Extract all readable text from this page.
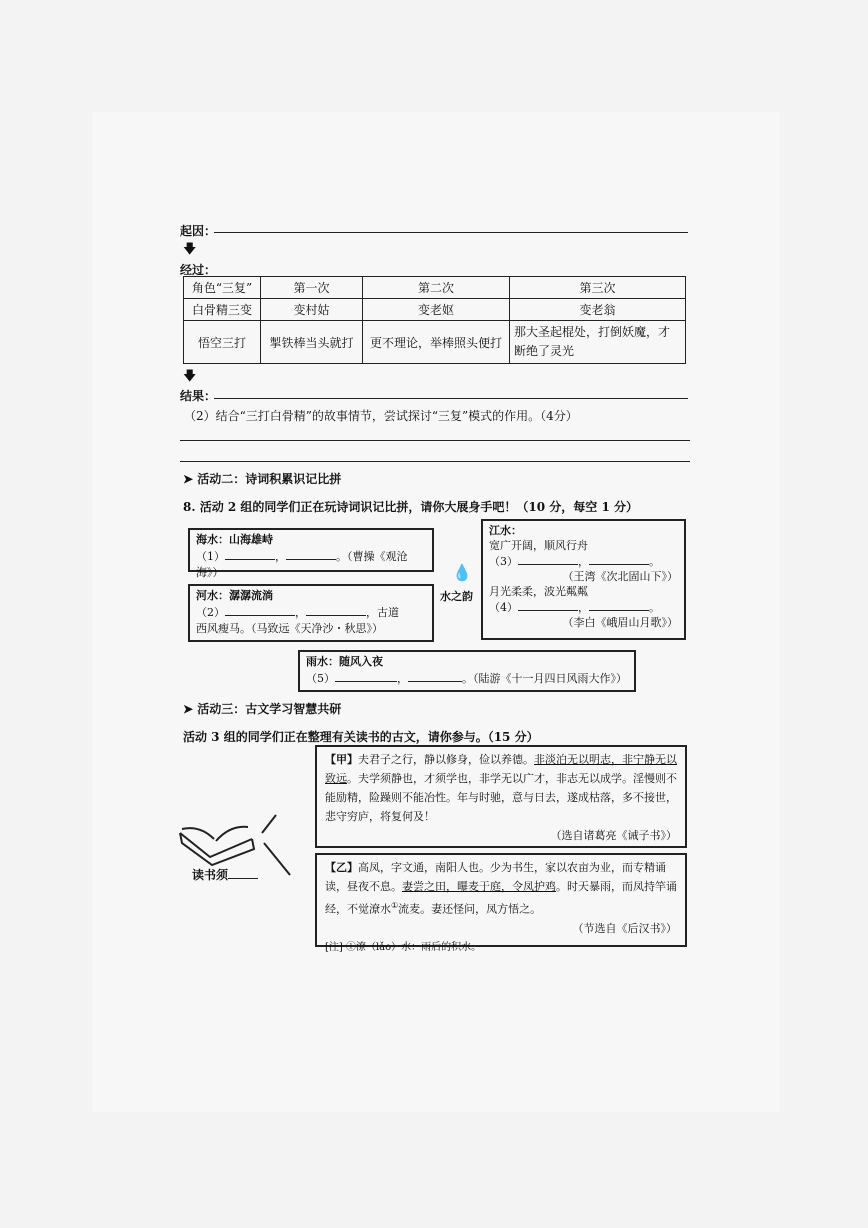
起因：
🡇
经过：
角色“三复”	第一次	第二次	第三次
白骨精三变	变村姑	变老妪	变老翁
悟空三打	掣铁棒当头就打	更不理论，举棒照头便打	那大圣起棍处，打倒妖魔，才断绝了灵光
🡇
结果：
（2）结合“三打白骨精”的故事情节，尝试探讨“三复”模式的作用。（4分）
➤ 活动二：诗词积累识记比拼
8. 活动 2 组的同学们正在玩诗词识记比拼，请你大展身手吧！（10 分，每空 1 分）
海水：山海雄峙
（1）	，	。（曹操《观沧海》）
河水：潺潺流淌
（2）	，	，古道
西风瘦马。（马致远《天净沙・秋思》）
💧
水之韵
江水：
宽广开阔，顺风行舟
（3）	，	。
（王湾《次北固山下》）
月光柔柔，波光粼粼
（4）	，	。
（李白《峨眉山月歌》）
雨水：随风入夜
（5）	，	。（陆游《十一月四日风雨大作》）
➤ 活动三：古文学习智慧共研
活动 3 组的同学们正在整理有关读书的古文，请你参与。（15 分）
读书须
【甲】夫君子之行，静以修身，俭以养德。非淡泊无以明志，非宁静无以致远。夫学须静也，才须学也，非学无以广才，非志无以成学。淫慢则不能励精，险躁则不能冶性。年与时驰，意与日去，遂成枯落，多不接世，悲守穷庐，将复何及！
（选自诸葛亮《诫子书》）
【乙】高凤，字文通，南阳人也。少为书生，家以农亩为业，而专精诵读，昼夜不息。妻尝之田，曝麦于庭，令凤护鸡。时天暴雨，而凤持竿诵经，不觉潦水①流麦。妻还怪问，凤方悟之。
（节选自《后汉书》）
[注] ①潦（lǎo）水：雨后的积水。
